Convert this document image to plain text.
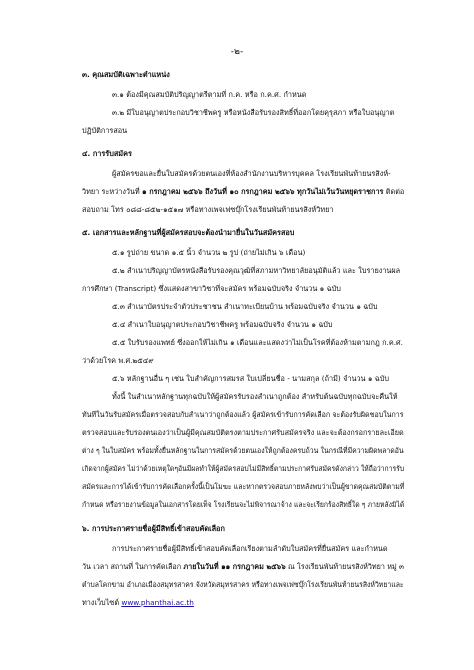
-๒-
๓. คุณสมบัติเฉพาะตำแหน่ง
๓.๑ ต้องมีคุณสมบัติปริญญาตรีตามที่ ก.ค. หรือ ก.ค.ศ. กำหนด
๓.๒ มีใบอนุญาตประกอบวิชาชีพครู หรือหนังสือรับรองสิทธิ์ที่ออกโดยคุรุสภา หรือใบอนุญาต
ปฏิบัติการสอน
๔. การรับสมัคร
ผู้สมัครขอและยื่นใบสมัครด้วยตนเองที่ห้องสำนักงานบริหารบุคคล โรงเรียนพันท้ายนรสิงห์-
วิทยา ระหว่างวันที่ ๑ กรกฎาคม ๒๕๖๖ ถึงวันที่ ๑๐ กรกฎาคม ๒๕๖๖ ทุกวันไม่เว้นวันหยุดราชการ ติดต่อ
สอบถาม โทร ๐๘๘-๘๕๒-๑๕๑๗ หรือทางเพจเฟซบุ๊กโรงเรียนพันท้ายนรสิงห์วิทยา
๕. เอกสารและหลักฐานที่ผู้สมัครสอบจะต้องนำมายื่นในวันสมัครสอบ
๕.๑ รูปถ่าย ขนาด ๑.๕ นิ้ว จำนวน ๒ รูป (ถ่ายไม่เกิน ๖ เดือน)
๕.๒ สำเนาปริญญาบัตรหนังสือรับรองคุณวุฒิที่สภามหาวิทยาลัยอนุมัติแล้ว และ ใบรายงานผล
การศึกษา (Transcript) ซึ่งแสดงสาขาวิชาที่จะสมัคร พร้อมฉบับจริง จำนวน ๑ ฉบับ
๕.๓ สำเนาบัตรประจำตัวประชาชน สำเนาทะเบียนบ้าน พร้อมฉบับจริง จำนวน ๑ ฉบับ
๕.๔ สำเนาใบอนุญาตประกอบวิชาชีพครู พร้อมฉบับจริง จำนวน ๑ ฉบับ
๕.๕ ใบรับรองแพทย์ ซึ่งออกให้ไม่เกิน ๑ เดือนและแสดงว่าไม่เป็นโรคที่ต้องห้ามตามกฎ ก.ค.ศ.
ว่าด้วยโรค พ.ศ.๒๕๔๙
๕.๖ หลักฐานอื่น ๆ เช่น ใบสำคัญการสมรส ใบเปลี่ยนชื่อ - นามสกุล (ถ้ามี) จำนวน ๑ ฉบับ
ทั้งนี้ ในสำเนาหลักฐานทุกฉบับให้ผู้สมัครรับรองสำเนาถูกต้อง สำหรับต้นฉบับทุกฉบับจะคืนให้
ทันทีในวันรับสมัครเมื่อตรวจสอบกับสำเนาว่าถูกต้องแล้ว ผู้สมัครเข้ารับการคัดเลือก จะต้องรับผิดชอบในการ
ตรวจสอบและรับรองตนเองว่าเป็นผู้มีคุณสมบัติตรงตามประกาศรับสมัครจริง และจะต้องกรอกรายละเอียด
ต่าง ๆ ในใบสมัคร พร้อมทั้งยื่นหลักฐานในการสมัครด้วยตนเองให้ถูกต้องครบถ้วน ในกรณีที่มีความผิดพลาดอัน
เกิดจากผู้สมัคร ไม่ว่าด้วยเหตุใดๆอันมีผลทำให้ผู้สมัครสอบไม่มีสิทธิ์ตามประกาศรับสมัครดังกล่าว ให้ถือว่าการรับ
สมัครและการได้เข้ารับการคัดเลือกครั้งนี้เป็นโมฆะ และหากตรวจสอบภายหลังพบว่าเป็นผู้ขาดคุณสมบัติตามที่
กำหนด หรือรายงานข้อมูลในเอกสารโดยเท็จ โรงเรียนจะไม่พิจารณาจ้าง และจะเรียกร้องสิทธิ์ใด ๆ ภายหลังมิได้
๖. การประกาศรายชื่อผู้มีสิทธิ์เข้าสอบคัดเลือก
การประกาศรายชื่อผู้มีสิทธิ์เข้าสอบคัดเลือกเรียงตามลำดับใบสมัครที่ยื่นสมัคร และกำหนด
วัน เวลา สถานที่ ในการคัดเลือก ภายในวันที่ ๑๑ กรกฎาคม ๒๕๖๖ ณ โรงเรียนพันท้ายนรสิงห์วิทยา หมู่ ๓
ตำบลโคกขาม อำเภอเมืองสมุทรสาคร จังหวัดสมุทรสาคร หรือทางเพจเฟซบุ๊กโรงเรียนพันท้ายนรสิงห์วิทยาและ
ทางเว็บไซต์ www.phanthai.ac.th
